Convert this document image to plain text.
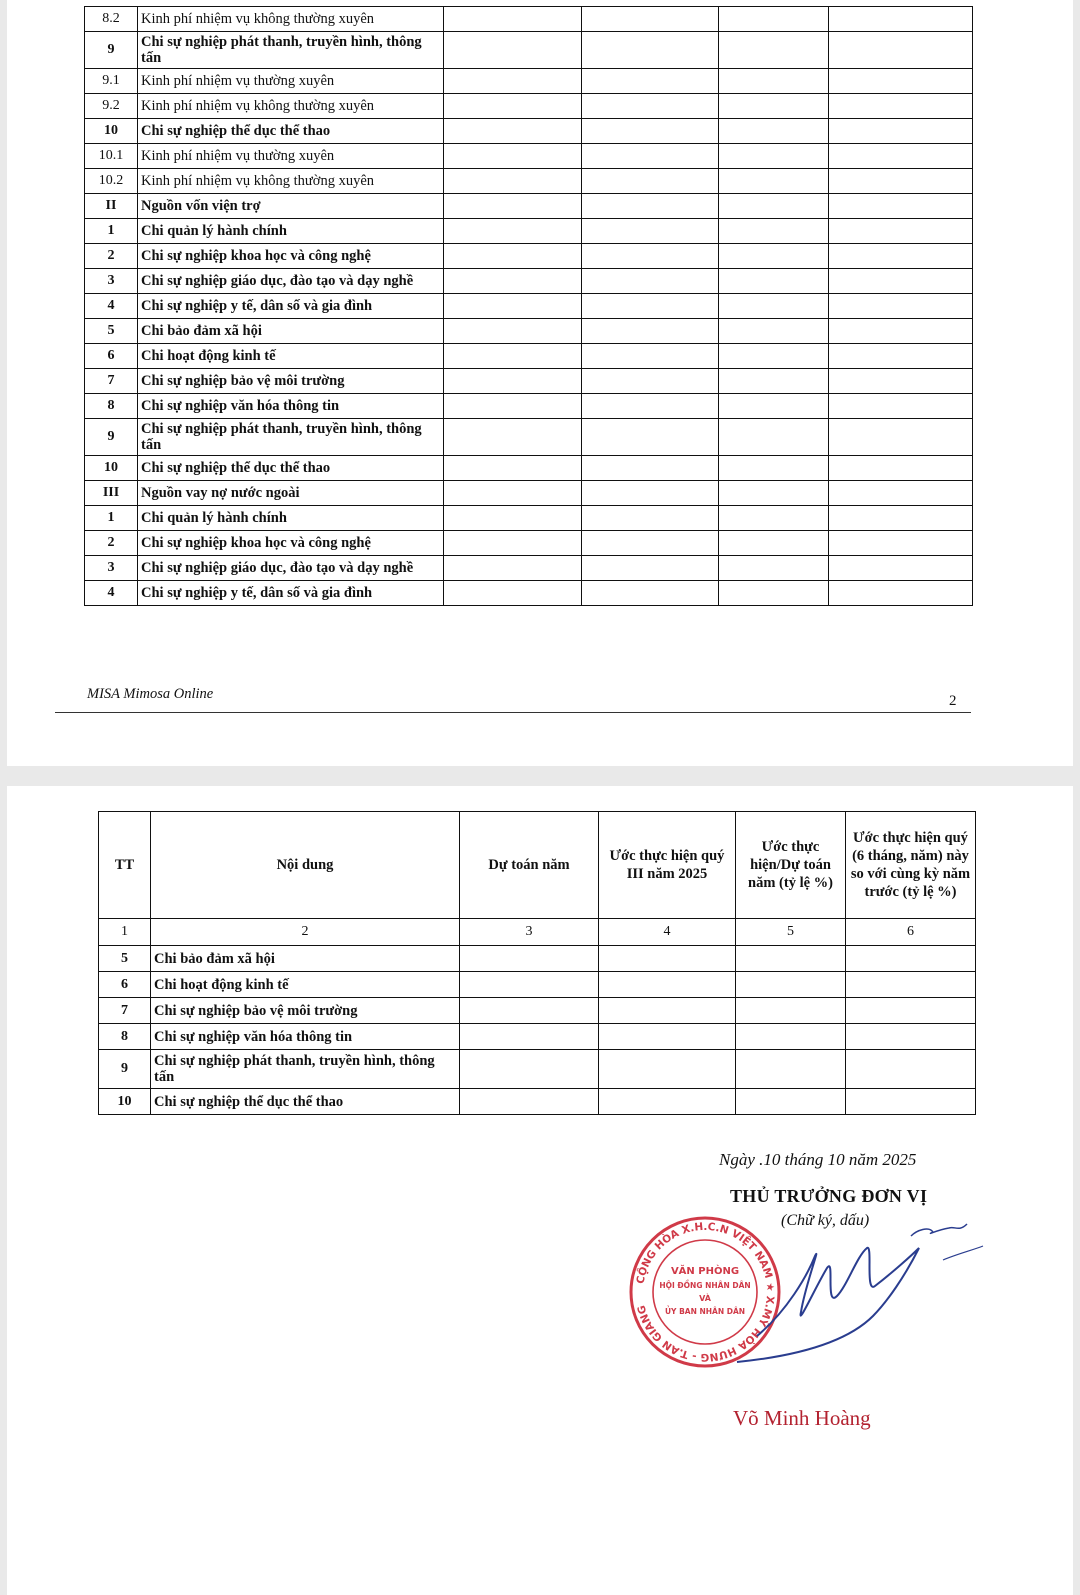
8.2	Kinh phí nhiệm vụ không thường xuyên				
9	Chi sự nghiệp phát thanh, truyền hình, thông tấn				
9.1	Kinh phí nhiệm vụ thường xuyên				
9.2	Kinh phí nhiệm vụ không thường xuyên				
10	Chi sự nghiệp thể dục thể thao				
10.1	Kinh phí nhiệm vụ thường xuyên				
10.2	Kinh phí nhiệm vụ không thường xuyên				
II	Nguồn vốn viện trợ				
1	Chi quản lý hành chính				
2	Chi sự nghiệp khoa học và công nghệ				
3	Chi sự nghiệp giáo dục, đào tạo và dạy nghề				
4	Chi sự nghiệp y tế, dân số và gia đình				
5	Chi bảo đảm xã hội				
6	Chi hoạt động kinh tế				
7	Chi sự nghiệp bảo vệ môi trường				
8	Chi sự nghiệp văn hóa thông tin				
9	Chi sự nghiệp phát thanh, truyền hình, thông tấn				
10	Chi sự nghiệp thể dục thể thao				
III	Nguồn vay nợ nước ngoài				
1	Chi quản lý hành chính				
2	Chi sự nghiệp khoa học và công nghệ				
3	Chi sự nghiệp giáo dục, đào tạo và dạy nghề				
4	Chi sự nghiệp y tế, dân số và gia đình				
MISA Mimosa Online	2
TT	Nội dung	Dự toán năm	Ước thực hiện quý III năm 2025	Ước thực hiện/Dự toán năm (tỷ lệ %)	Ước thực hiện quý (6 tháng, năm) này so với cùng kỳ năm trước (tỷ lệ %)
1	2	3	4	5	6
5	Chi bảo đảm xã hội				
6	Chi hoạt động kinh tế				
7	Chi sự nghiệp bảo vệ môi trường				
8	Chi sự nghiệp văn hóa thông tin				
9	Chi sự nghiệp phát thanh, truyền hình, thông tấn				
10	Chi sự nghiệp thể dục thể thao				
Ngày .10 tháng 10 năm 2025
THỦ TRƯỞNG ĐƠN VỊ
(Chữ ký, dấu)
CỘNG HÒA X.H.C.N VIỆT NAM ★ X.MỸ HÒA HƯNG - T.AN GIANG
VĂN PHÒNG
HỘI ĐỒNG NHÂN DÂN
VÀ
ỦY BAN NHÂN DÂN
Võ Minh Hoàng
